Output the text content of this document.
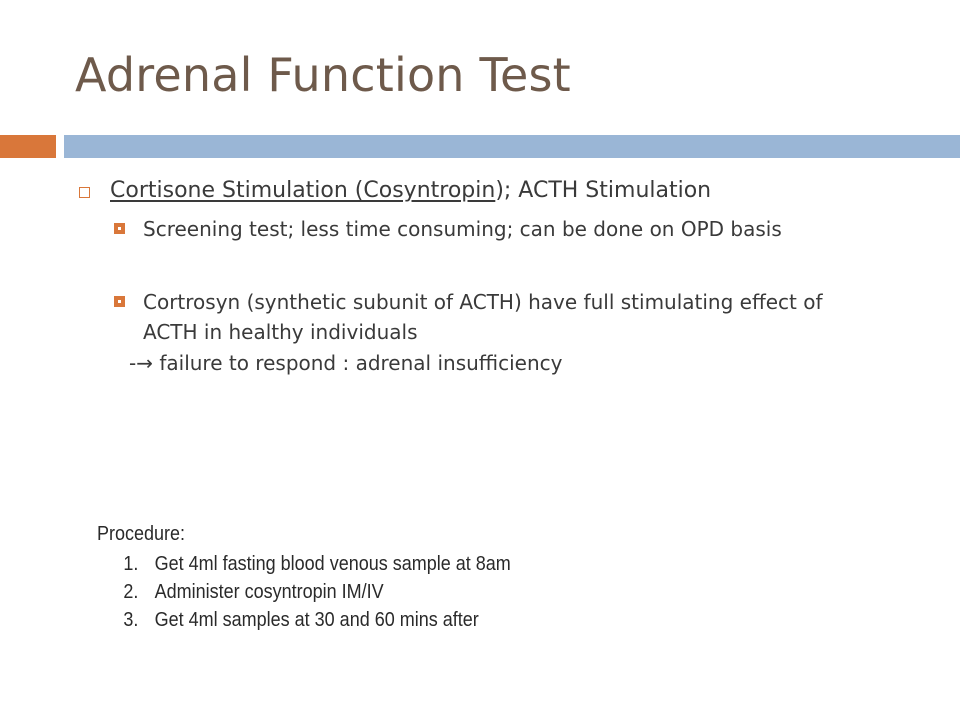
Adrenal Function Test
Cortisone Stimulation (Cosyntropin); ACTH Stimulation
Screening test; less time consuming; can be done on OPD basis
Cortrosyn (synthetic subunit of ACTH) have full stimulating effect of ACTH in healthy individuals
-→ failure to respond : adrenal insufficiency
Procedure:
1. Get 4ml fasting blood venous sample at 8am
2. Administer cosyntropin IM/IV
3. Get 4ml samples at 30 and 60 mins after
